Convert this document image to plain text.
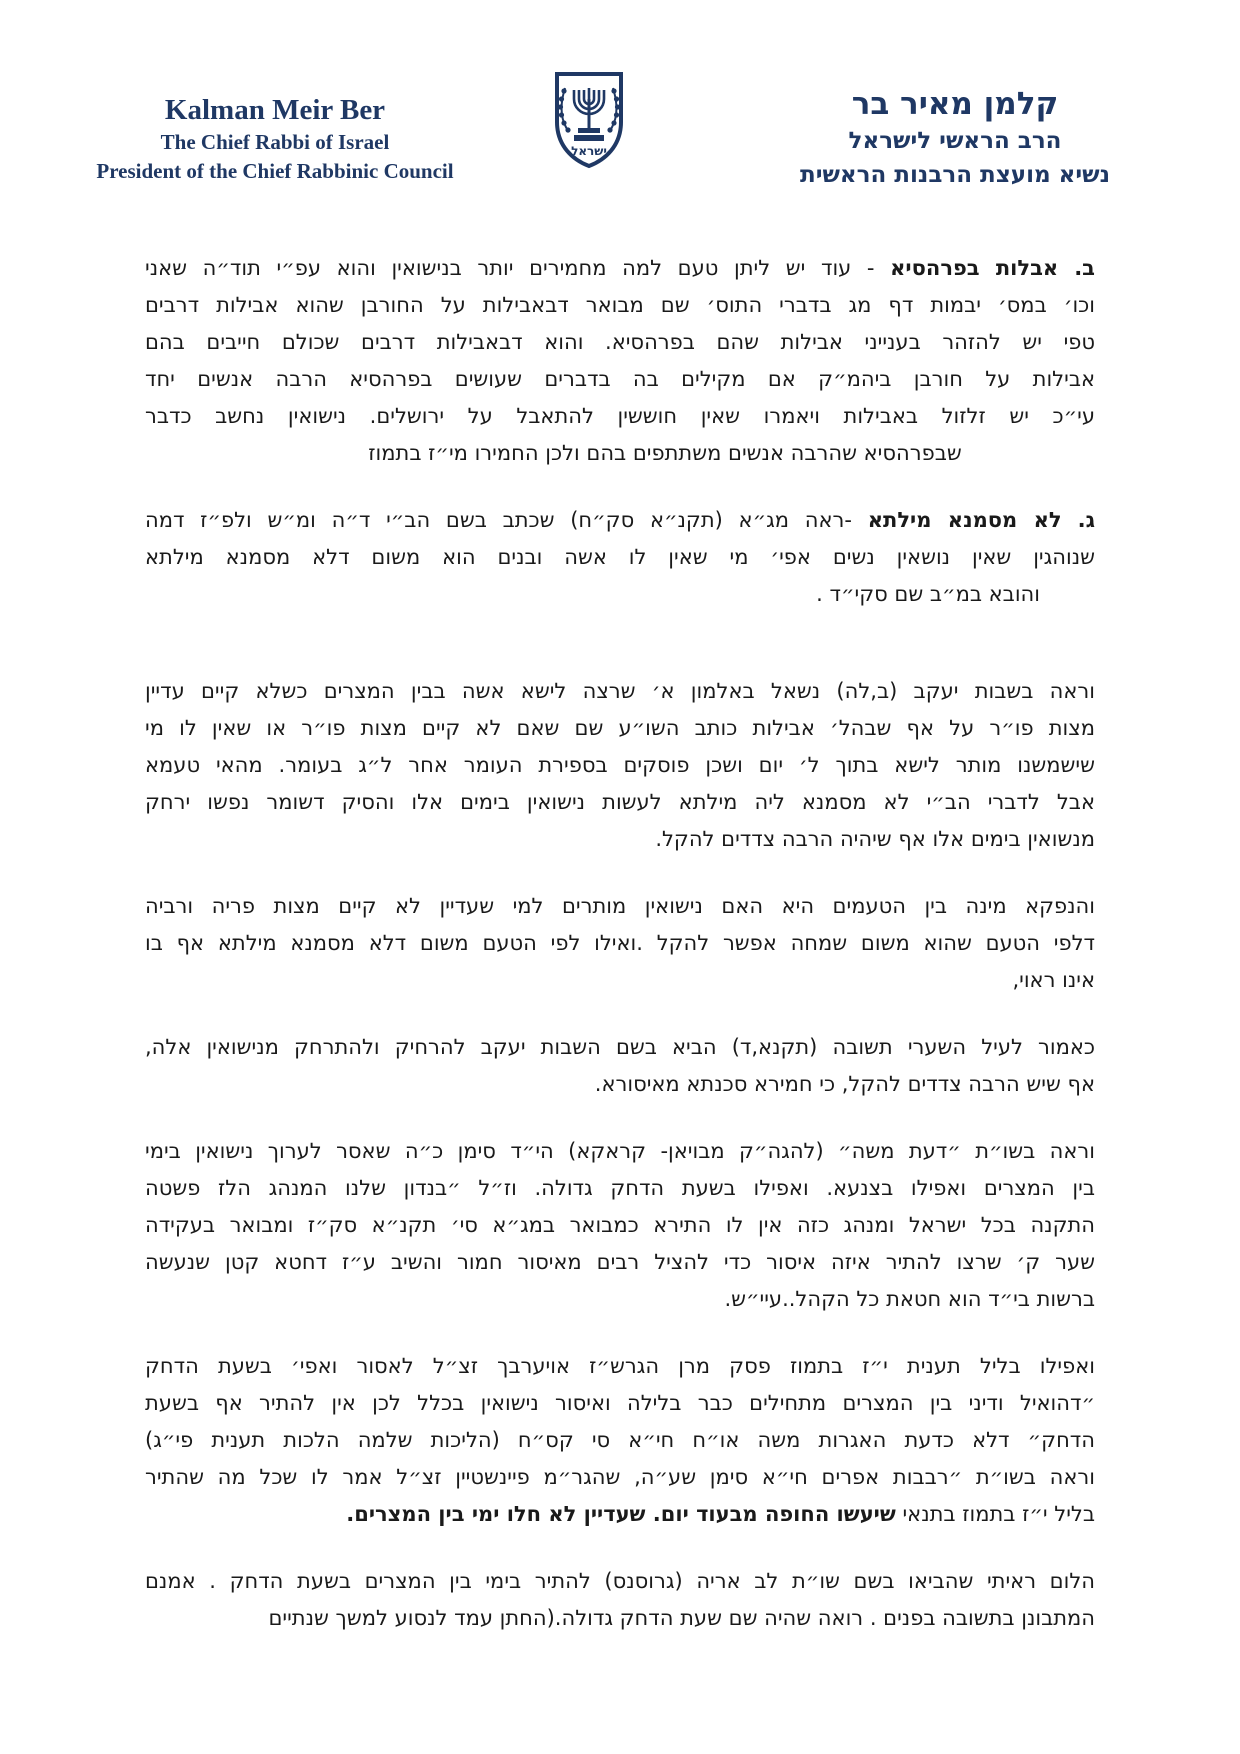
Kalman Meir Ber
The Chief Rabbi of Israel
President of the Chief Rabbinic Council
ישראל
קלמן מאיר בר
הרב הראשי לישראל
נשיא מועצת הרבנות הראשית
ב.אבלות בפרהסיא - עוד יש ליתן טעם למה מחמירים יותר בנישואין והוא עפ״י תוד״ה שאני
וכו׳ במס׳ יבמות דף מג בדברי התוס׳ שם מבואר דבאבילות על החורבן שהוא אבילות דרבים
טפי יש להזהר בענייני אבילות שהם בפרהסיא. והוא דבאבילות דרבים שכולם חייבים בהם
אבילות על חורבן ביהמ״ק אם מקילים בה בדברים שעושים בפרהסיא הרבה אנשים יחד
עי״כ יש זלזול באבילות ויאמרו שאין חוששין להתאבל על ירושלים. נישואין נחשב כדבר
שבפרהסיא שהרבה אנשים משתתפים בהם ולכן החמירו מי״ז בתמוז
ג.לא מסמנא מילתא -ראה מג״א (תקנ״א סק״ח) שכתב בשם הב״י ד״ה ומ״ש ולפ״ז דמה
שנוהגין שאין נושאין נשים אפי׳ מי שאין לו אשה ובנים הוא משום דלא מסמנא מילתא
והובא במ״ב שם סקי״ד .
וראה בשבות יעקב (ב,לה) נשאל באלמון א׳ שרצה לישא אשה בבין המצרים כשלא קיים עדיין
מצות פו״ר על אף שבהל׳ אבילות כותב השו״ע שם שאם לא קיים מצות פו״ר או שאין לו מי
שישמשנו מותר לישא בתוך ל׳ יום ושכן פוסקים בספירת העומר אחר ל״ג בעומר. מהאי טעמא
אבל לדברי הב״י לא מסמנא ליה מילתא לעשות נישואין בימים אלו והסיק דשומר נפשו ירחק
מנשואין בימים אלו אף שיהיה הרבה צדדים להקל.
והנפקא מינה בין הטעמים היא האם נישואין מותרים למי שעדיין לא קיים מצות פריה ורביה
דלפי הטעם שהוא משום שמחה אפשר להקל .ואילו לפי הטעם משום דלא מסמנא מילתא אף בו
אינו ראוי,
כאמור לעיל השערי תשובה (תקנא,ד) הביא בשם השבות יעקב להרחיק ולהתרחק מנישואין אלה,
אף שיש הרבה צדדים להקל, כי חמירא סכנתא מאיסורא.
וראה בשו״ת ״דעת משה״ (להגה״ק מבויאן- קראקא) הי״ד סימן כ״ה שאסר לערוך נישואין בימי
בין המצרים ואפילו בצנעא. ואפילו בשעת הדחק גדולה. וז״ל ״בנדון שלנו המנהג הלז פשטה
התקנה בכל ישראל ומנהג כזה אין לו התירא כמבואר במג״א סי׳ תקנ״א סק״ז ומבואר בעקידה
שער ק׳ שרצו להתיר איזה איסור כדי להציל רבים מאיסור חמור והשיב ע״ז דחטא קטן שנעשה
ברשות בי״ד הוא חטאת כל הקהל..עיי״ש.
ואפילו בליל תענית י״ז בתמוז פסק מרן הגרש״ז אויערבך זצ״ל לאסור ואפי׳ בשעת הדחק
״דהואיל ודיני בין המצרים מתחילים כבר בלילה ואיסור נישואין בכלל לכן אין להתיר אף בשעת
הדחק״ דלא כדעת האגרות משה או״ח חי״א סי קס״ח (הליכות שלמה הלכות תענית פי״ג)
וראה בשו״ת ״רבבות אפרים חי״א סימן שע״ה, שהגר״מ פיינשטיין זצ״ל אמר לו שכל מה שהתיר
בליל י״ז בתמוז בתנאי שיעשו החופה מבעוד יום. שעדיין לא חלו ימי בין המצרים.
הלום ראיתי שהביאו בשם שו״ת לב אריה (גרוסנס) להתיר בימי בין המצרים בשעת הדחק . אמנם
המתבונן בתשובה בפנים . רואה שהיה שם שעת הדחק גדולה.(החתן עמד לנסוע למשך שנתיים
